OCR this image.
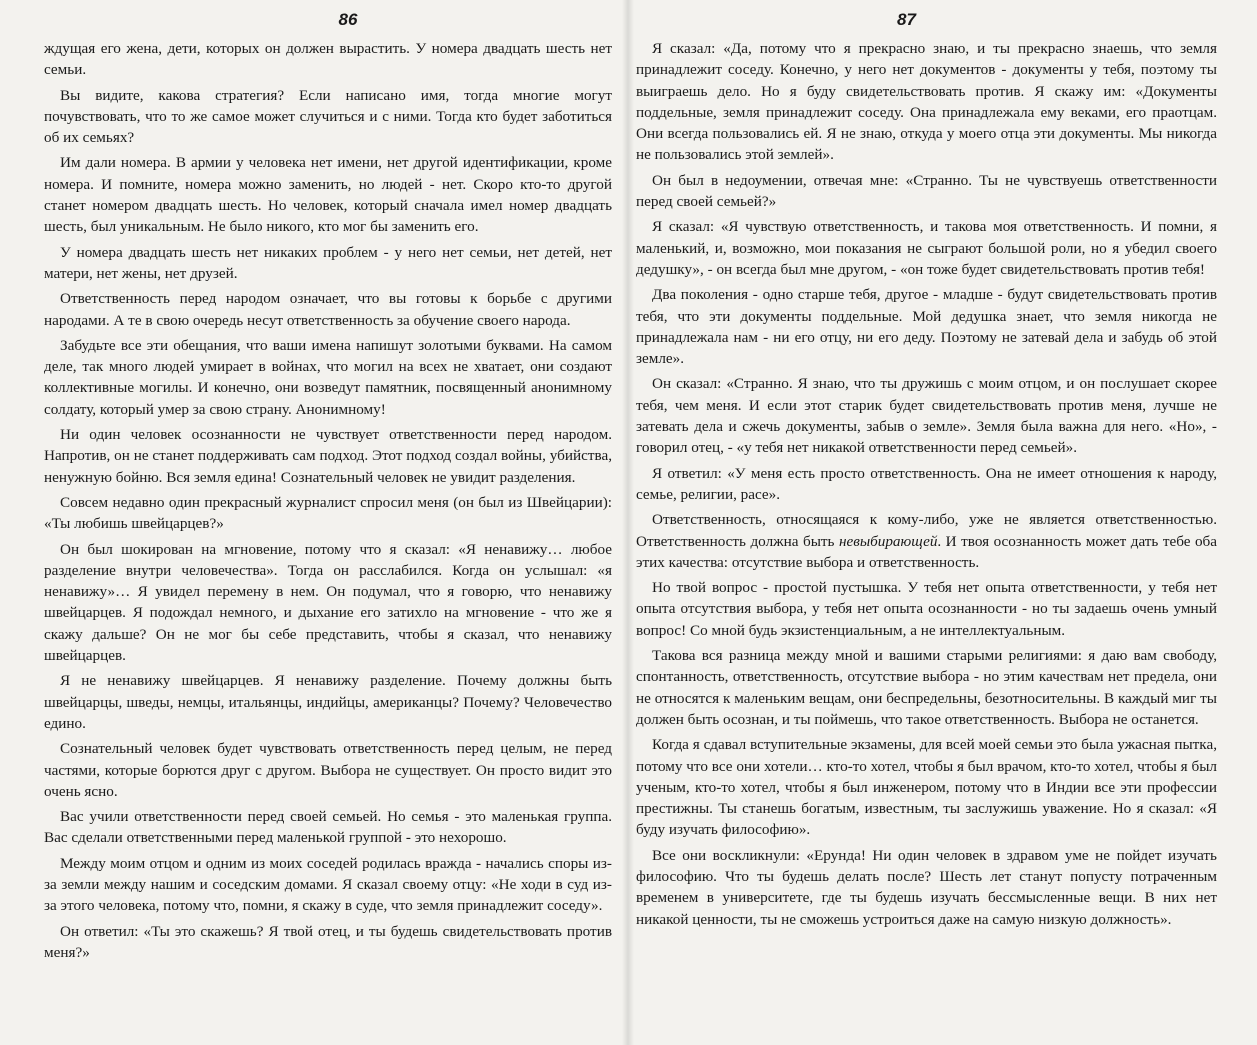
86

ждущая его жена, дети, которых он должен вырастить. У номера двадцать шесть нет семьи.

Вы видите, какова стратегия? Если написано имя, тогда многие могут почувствовать, что то же самое может случиться и с ними. Тогда кто будет заботиться об их семьях?

Им дали номера. В армии у человека нет имени, нет другой идентификации, кроме номера. И помните, номера можно заменить, но людей - нет. Скоро кто-то другой станет номером двадцать шесть. Но человек, который сначала имел номер двадцать шесть, был уникальным. Не было никого, кто мог бы заменить его.

У номера двадцать шесть нет никаких проблем - у него нет семьи, нет детей, нет матери, нет жены, нет друзей.

Ответственность перед народом означает, что вы готовы к борьбе с другими народами. А те в свою очередь несут ответственность за обучение своего народа.

Забудьте все эти обещания, что ваши имена напишут золотыми буквами. На самом деле, так много людей умирает в войнах, что могил на всех не хватает, они создают коллективные могилы. И конечно, они возведут памятник, посвященный анонимному солдату, который умер за свою страну. Анонимному!

Ни один человек осознанности не чувствует ответственности перед народом. Напротив, он не станет поддерживать сам подход. Этот подход создал войны, убийства, ненужную бойню. Вся земля едина! Сознательный человек не увидит разделения.

Совсем недавно один прекрасный журналист спросил меня (он был из Швейцарии): «Ты любишь швейцарцев?»

Он был шокирован на мгновение, потому что я сказал: «Я ненавижу… любое разделение внутри человечества». Тогда он расслабился. Когда он услышал: «я ненавижу»… Я увидел перемену в нем. Он подумал, что я говорю, что ненавижу швейцарцев. Я подождал немного, и дыхание его затихло на мгновение - что же я скажу дальше? Он не мог бы себе представить, чтобы я сказал, что ненавижу швейцарцев.

Я не ненавижу швейцарцев. Я ненавижу разделение. Почему должны быть швейцарцы, шведы, немцы, итальянцы, индийцы, американцы? Почему? Человечество едино.

Сознательный человек будет чувствовать ответственность перед целым, не перед частями, которые борются друг с другом. Выбора не существует. Он просто видит это очень ясно.

Вас учили ответственности перед своей семьей. Но семья - это маленькая группа. Вас сделали ответственными перед маленькой группой - это нехорошо.

Между моим отцом и одним из моих соседей родилась вражда - начались споры из-за земли между нашим и соседским домами. Я сказал своему отцу: «Не ходи в суд из-за этого человека, потому что, помни, я скажу в суде, что земля принадлежит соседу».

Он ответил: «Ты это скажешь? Я твой отец, и ты будешь свидетельствовать против меня?»

87

Я сказал: «Да, потому что я прекрасно знаю, и ты прекрасно знаешь, что земля принадлежит соседу. Конечно, у него нет документов - документы у тебя, поэтому ты выиграешь дело. Но я буду свидетельствовать против. Я скажу им: «Документы поддельные, земля принадлежит соседу. Она принадлежала ему веками, его праотцам. Они всегда пользовались ей. Я не знаю, откуда у моего отца эти документы. Мы никогда не пользовались этой землей».

Он был в недоумении, отвечая мне: «Странно. Ты не чувствуешь ответственности перед своей семьей?»

Я сказал: «Я чувствую ответственность, и такова моя ответственность. И помни, я маленький, и, возможно, мои показания не сыграют большой роли, но я убедил своего дедушку», - он всегда был мне другом, - «он тоже будет свидетельствовать против тебя!

Два поколения - одно старше тебя, другое - младше - будут свидетельствовать против тебя, что эти документы поддельные. Мой дедушка знает, что земля никогда не принадлежала нам - ни его отцу, ни его деду. Поэтому не затевай дела и забудь об этой земле».

Он сказал: «Странно. Я знаю, что ты дружишь с моим отцом, и он послушает скорее тебя, чем меня. И если этот старик будет свидетельствовать против меня, лучше не затевать дела и сжечь документы, забыв о земле». Земля была важна для него. «Но», - говорил отец, - «у тебя нет никакой ответственности перед семьей».

Я ответил: «У меня есть просто ответственность. Она не имеет отношения к народу, семье, религии, расе».

Ответственность, относящаяся к кому-либо, уже не является ответственностью. Ответственность должна быть невыбирающей. И твоя осознанность может дать тебе оба этих качества: отсутствие выбора и ответственность.

Но твой вопрос - простой пустышка. У тебя нет опыта ответственности, у тебя нет опыта отсутствия выбора, у тебя нет опыта осознанности - но ты задаешь очень умный вопрос! Со мной будь экзистенциальным, а не интеллектуальным.

Такова вся разница между мной и вашими старыми религиями: я даю вам свободу, спонтанность, ответственность, отсутствие выбора - но этим качествам нет предела, они не относятся к маленьким вещам, они беспредельны, безотносительны. В каждый миг ты должен быть осознан, и ты поймешь, что такое ответственность. Выбора не останется.

Когда я сдавал вступительные экзамены, для всей моей семьи это была ужасная пытка, потому что все они хотели… кто-то хотел, чтобы я был врачом, кто-то хотел, чтобы я был ученым, кто-то хотел, чтобы я был инженером, потому что в Индии все эти профессии престижны. Ты станешь богатым, известным, ты заслужишь уважение. Но я сказал: «Я буду изучать философию».

Все они воскликнули: «Ерунда! Ни один человек в здравом уме не пойдет изучать философию. Что ты будешь делать после? Шесть лет станут попусту потраченным временем в университете, где ты будешь изучать бессмысленные вещи. В них нет никакой ценности, ты не сможешь устроиться даже на самую низкую должность».
